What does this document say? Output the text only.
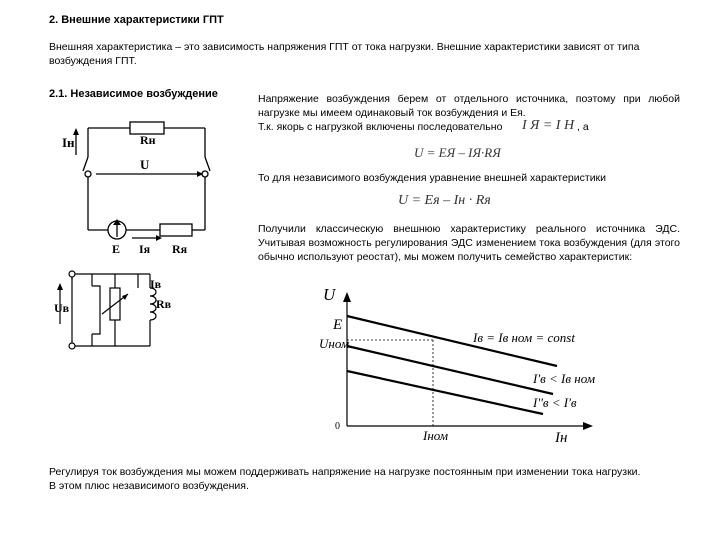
2. Внешние характеристики ГПТ
Внешняя характеристика – это зависимость напряжения ГПТ от тока нагрузки. Внешние характеристики зависят от типа возбуждения ГПТ.
2.1. Независимое возбуждение	Напряжение возбуждения берем от отдельного источника, поэтому при любой нагрузке мы имеем одинаковый ток возбуждения и Ея.
Т.к. якорь с нагрузкой включены последовательно I Я = I Н , а
U = EЯ – IЯ·RЯ
То для независимого возбуждения уравнение внешней характеристики
U = Eя – Iн · Rя
Получили классическую внешнюю характеристику реального источника ЭДС. Учитывая возможность регулирования ЭДС изменением тока возбуждения (для этого обычно используют реостат), мы можем получить семейство характеристик:
Регулируя ток возбуждения мы можем поддерживать напряжение на нагрузке постоянным при изменении тока нагрузки. В этом плюс независимого возбуждения.
Iн	Rн
U
E Iя Rя
Iв
Rв
Uв
U
E
Uном
0
Iном	Iн
Iв = Iв ном = const
I'в < Iв ном
I''в < I'в
